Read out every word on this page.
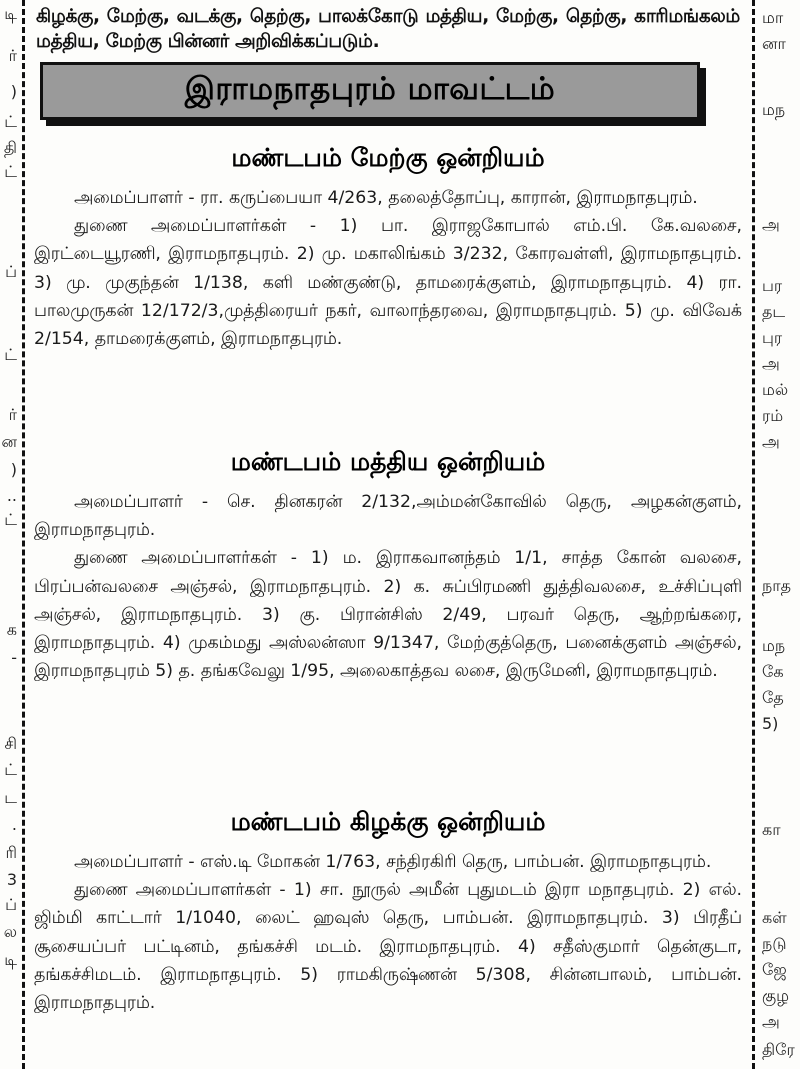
டி
ர்
)
ட்
தி
ட்
ப்
ட்
ர்
ன
)
..
ட்
க
-
சி
ட்
ட
.
ரி
3
ப்
ல
டி
கிழக்கு, மேற்கு, வடக்கு, தெற்கு, பாலக்கோடு மத்திய, மேற்கு, தெற்கு, காரிமங்கலம் மத்திய, மேற்கு பின்னர் அறிவிக்கப்படும்.
இராமநாதபுரம் மாவட்டம்
மண்டபம் மேற்கு ஒன்றியம்

அமைப்பாளர் - ரா. கருப்பையா 4/263, தலைத்தோப்பு, காரான், இராமநாதபுரம்.

துணை அமைப்பாளர்கள் - 1) பா. இராஜகோபால் எம்.பி. கே.வலசை, இரட்டையூரணி, இராமநாதபுரம். 2) மு. மகாலிங்கம் 3/232, கோரவள்ளி, இராமநாதபுரம். 3) மு. முகுந்தன் 1/138, களி மண்குண்டு, தாமரைக்குளம், இராமநாதபுரம். 4) ரா. பாலமுருகன் 12/172/3,முத்திரையர் நகர், வாலாந்தரவை, இராமநாதபுரம். 5) மு. விவேக் 2/154, தாமரைக்குளம், இராமநாதபுரம்.

மண்டபம் மத்திய ஒன்றியம்

அமைப்பாளர் - செ. தினகரன் 2/132,அம்மன்கோவில் தெரு, அழகன்குளம், இராமநாதபுரம்.

துணை அமைப்பாளர்கள் - 1) ம. இராகவானந்தம் 1/1, சாத்த கோன் வலசை, பிரப்பன்வலசை அஞ்சல், இராமநாதபுரம். 2) க. சுப்பிரமணி துத்திவலசை, உச்சிப்புளி அஞ்சல், இராமநாதபுரம். 3) கு. பிரான்சிஸ் 2/49, பரவர் தெரு, ஆற்றங்கரை, இராமநாதபுரம். 4) முகம்மது அஸ்லன்ஸா 9/1347, மேற்குத்தெரு, பனைக்குளம் அஞ்சல், இராமநாதபுரம் 5) த. தங்கவேலு 1/95, அலைகாத்தவ லசை, இருமேனி, இராமநாதபுரம்.

மண்டபம் கிழக்கு ஒன்றியம்

அமைப்பாளர் - எஸ்.டி மோகன் 1/763, சந்திரகிரி தெரு, பாம்பன். இராமநாதபுரம்.

துணை அமைப்பாளர்கள் - 1) சா. நூருல் அமீன் புதுமடம் இரா மநாதபுரம். 2) எல். ஜிம்மி காட்டார் 1/1040, லைட் ஹவுஸ் தெரு, பாம்பன். இராமநாதபுரம். 3) பிரதீப் சூசையப்பர் பட்டினம், தங்கச்சி மடம். இராமநாதபுரம். 4) சதீஸ்குமார் தென்குடா, தங்கச்சிமடம். இராமநாதபுரம். 5) ராமகிருஷ்ணன் 5/308, சின்னபாலம், பாம்பன். இராமநாதபுரம்.

மா
னா
மந
அ
பர
தட
புர
அ
மல்
ரம்
அ
நாத
மந
கே
தே
5)
கா
கள்
நடு
ஜே
குழ
அ
திரே
